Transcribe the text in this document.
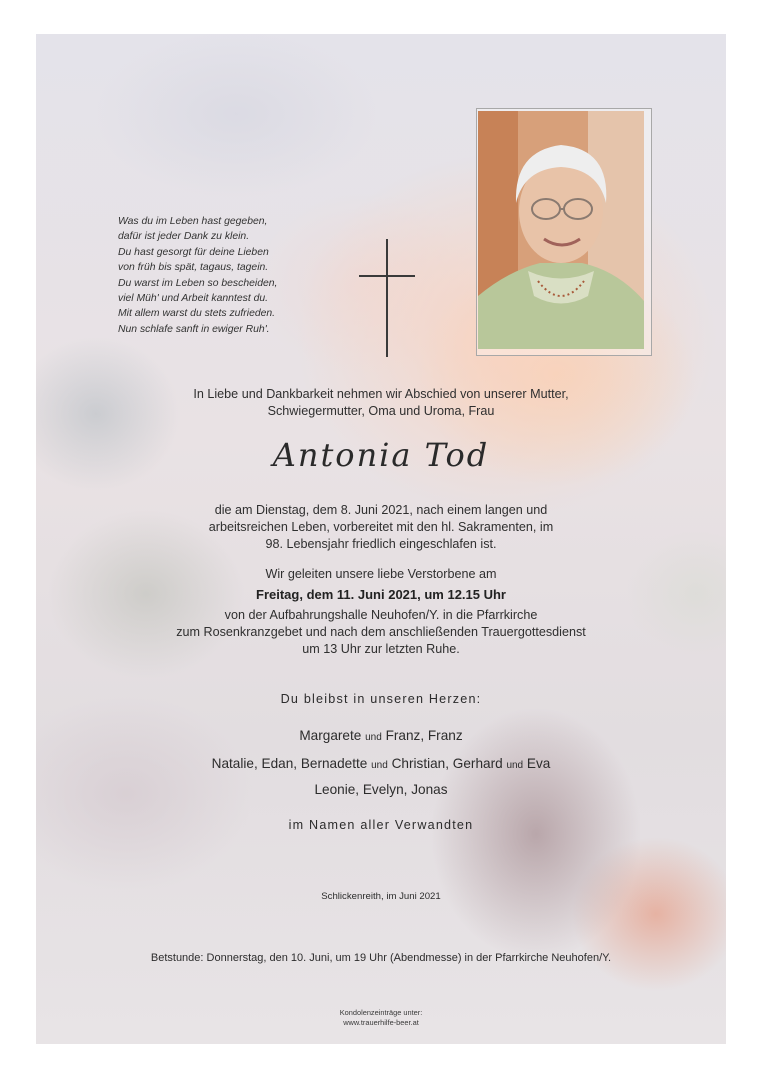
Was du im Leben hast gegeben,
dafür ist jeder Dank zu klein.
Du hast gesorgt für deine Lieben
von früh bis spät, tagaus, tagein.
Du warst im Leben so bescheiden,
viel Müh' und Arbeit kanntest du.
Mit allem warst du stets zufrieden.
Nun schlafe sanft in ewiger Ruh'.
In Liebe und Dankbarkeit nehmen wir Abschied von unserer Mutter,
Schwiegermutter, Oma und Uroma, Frau
Antonia Tod
die am Dienstag, dem 8. Juni 2021, nach einem langen und
arbeitsreichen Leben, vorbereitet mit den hl. Sakramenten, im
98. Lebensjahr friedlich eingeschlafen ist.
Wir geleiten unsere liebe Verstorbene am
Freitag, dem 11. Juni 2021, um 12.15 Uhr
von der Aufbahrungshalle Neuhofen/Y. in die Pfarrkirche
zum Rosenkranzgebet und nach dem anschließenden Trauergottesdienst
um 13 Uhr zur letzten Ruhe.
Du bleibst in unseren Herzen:
Margarete und Franz, Franz
Natalie, Edan, Bernadette und Christian, Gerhard und Eva
Leonie, Evelyn, Jonas
im Namen aller Verwandten
Schlickenreith, im Juni 2021
Betstunde: Donnerstag, den 10. Juni, um 19 Uhr (Abendmesse) in der Pfarrkirche Neuhofen/Y.
Kondolenzeinträge unter:
www.trauerhilfe-beer.at
